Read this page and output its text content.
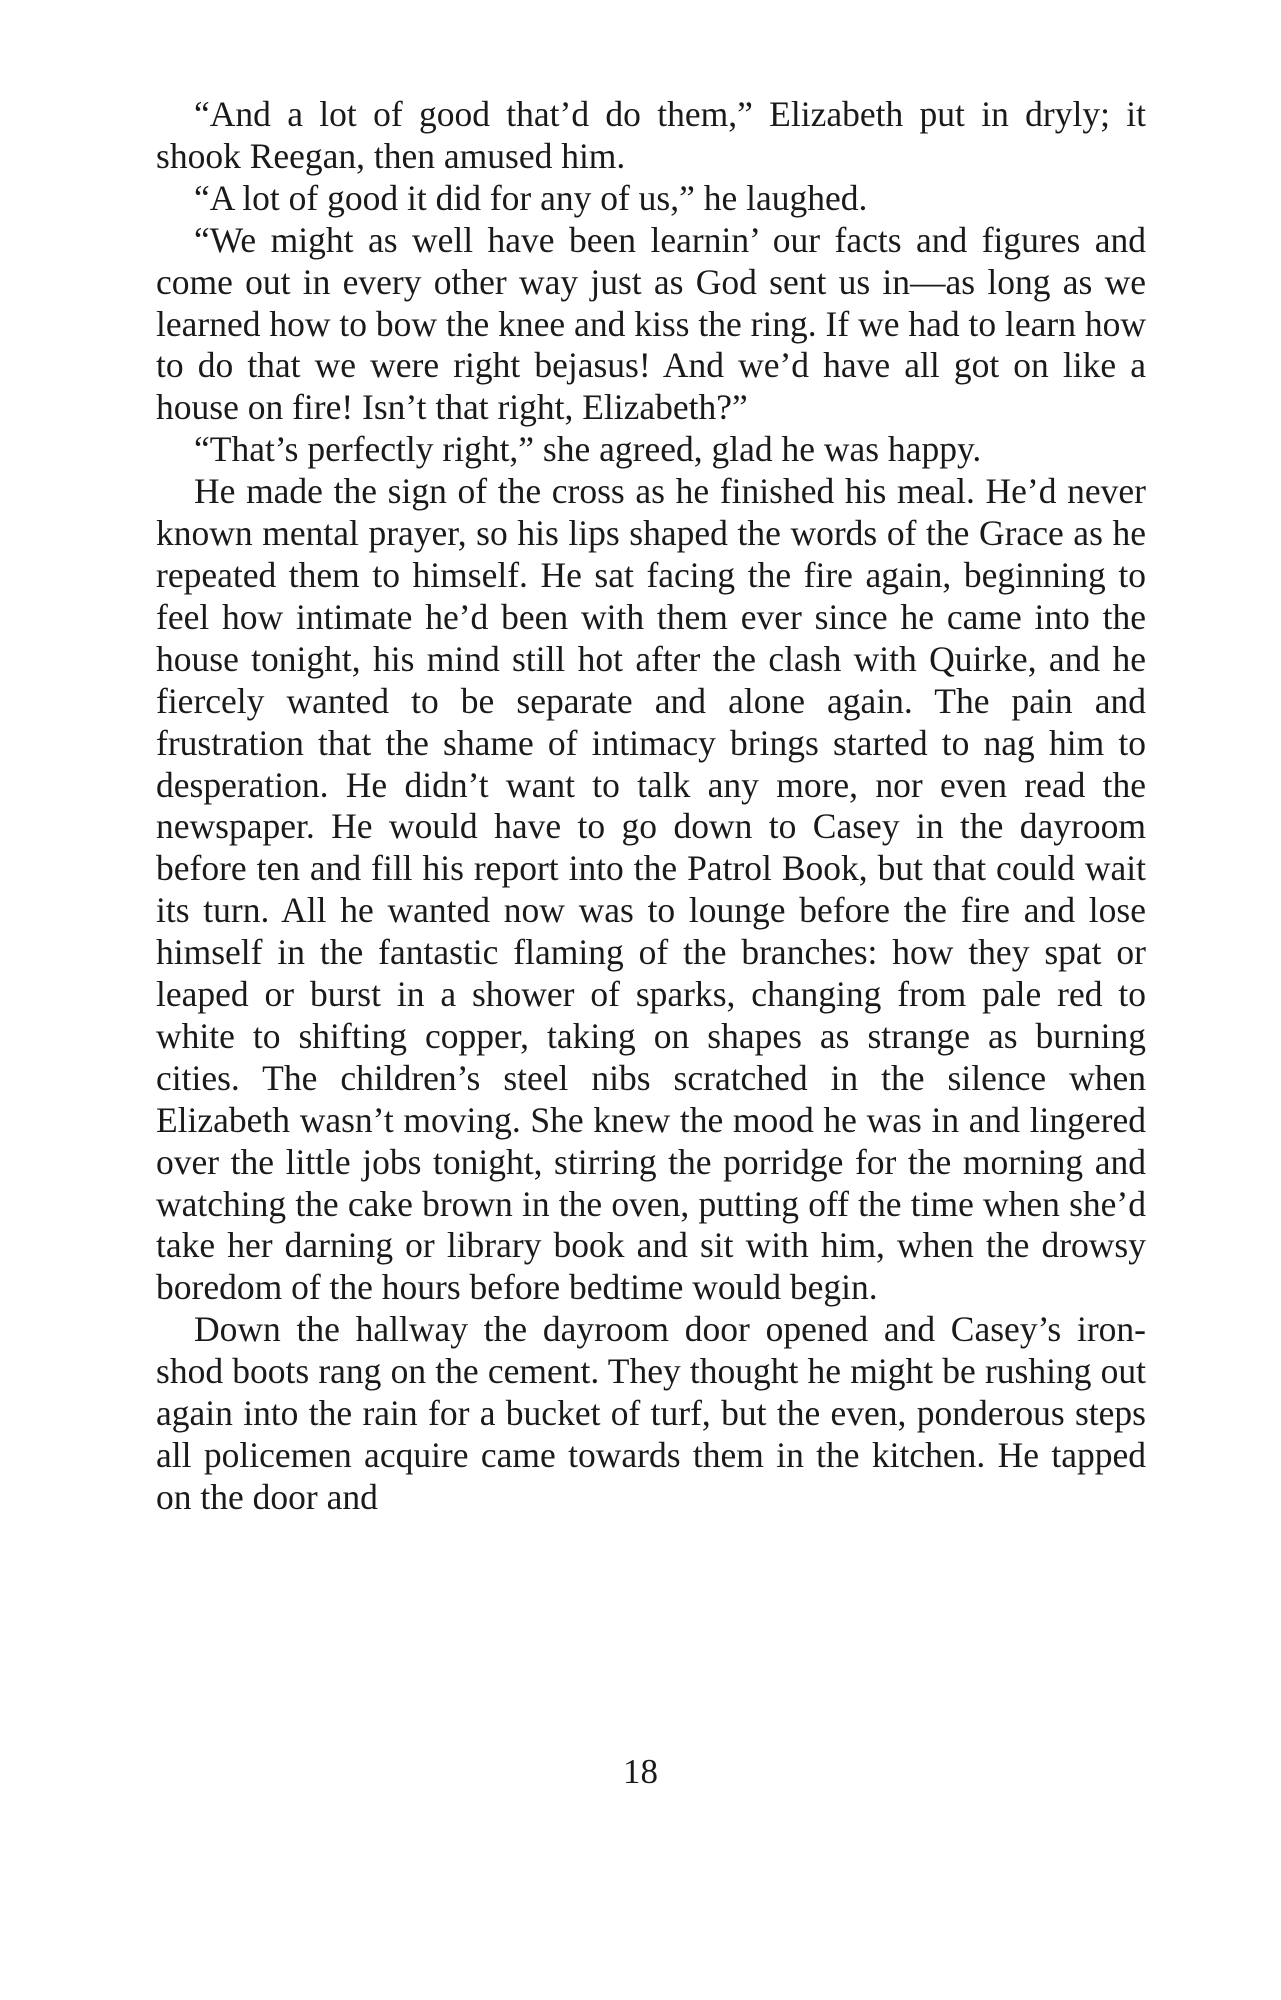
“And a lot of good that’d do them,” Elizabeth put in dryly; it shook Reegan, then amused him.

“A lot of good it did for any of us,” he laughed.

“We might as well have been learnin’ our facts and figures and come out in every other way just as God sent us in—as long as we learned how to bow the knee and kiss the ring. If we had to learn how to do that we were right bejasus! And we’d have all got on like a house on fire! Isn’t that right, Elizabeth?”

“That’s perfectly right,” she agreed, glad he was happy.

He made the sign of the cross as he finished his meal. He’d never known mental prayer, so his lips shaped the words of the Grace as he repeated them to himself. He sat facing the fire again, beginning to feel how intimate he’d been with them ever since he came into the house tonight, his mind still hot after the clash with Quirke, and he fiercely wanted to be separate and alone again. The pain and frustration that the shame of intimacy brings started to nag him to desperation. He didn’t want to talk any more, nor even read the newspaper. He would have to go down to Casey in the dayroom before ten and fill his report into the Patrol Book, but that could wait its turn. All he wanted now was to lounge before the fire and lose himself in the fantastic flaming of the branches: how they spat or leaped or burst in a shower of sparks, changing from pale red to white to shifting copper, taking on shapes as strange as burning cities. The children’s steel nibs scratched in the silence when Elizabeth wasn’t moving. She knew the mood he was in and lingered over the little jobs tonight, stirring the porridge for the morning and watching the cake brown in the oven, putting off the time when she’d take her darning or library book and sit with him, when the drowsy boredom of the hours before bedtime would begin.

Down the hallway the dayroom door opened and Casey’s iron-shod boots rang on the cement. They thought he might be rushing out again into the rain for a bucket of turf, but the even, ponderous steps all policemen acquire came towards them in the kitchen. He tapped on the door and

18
